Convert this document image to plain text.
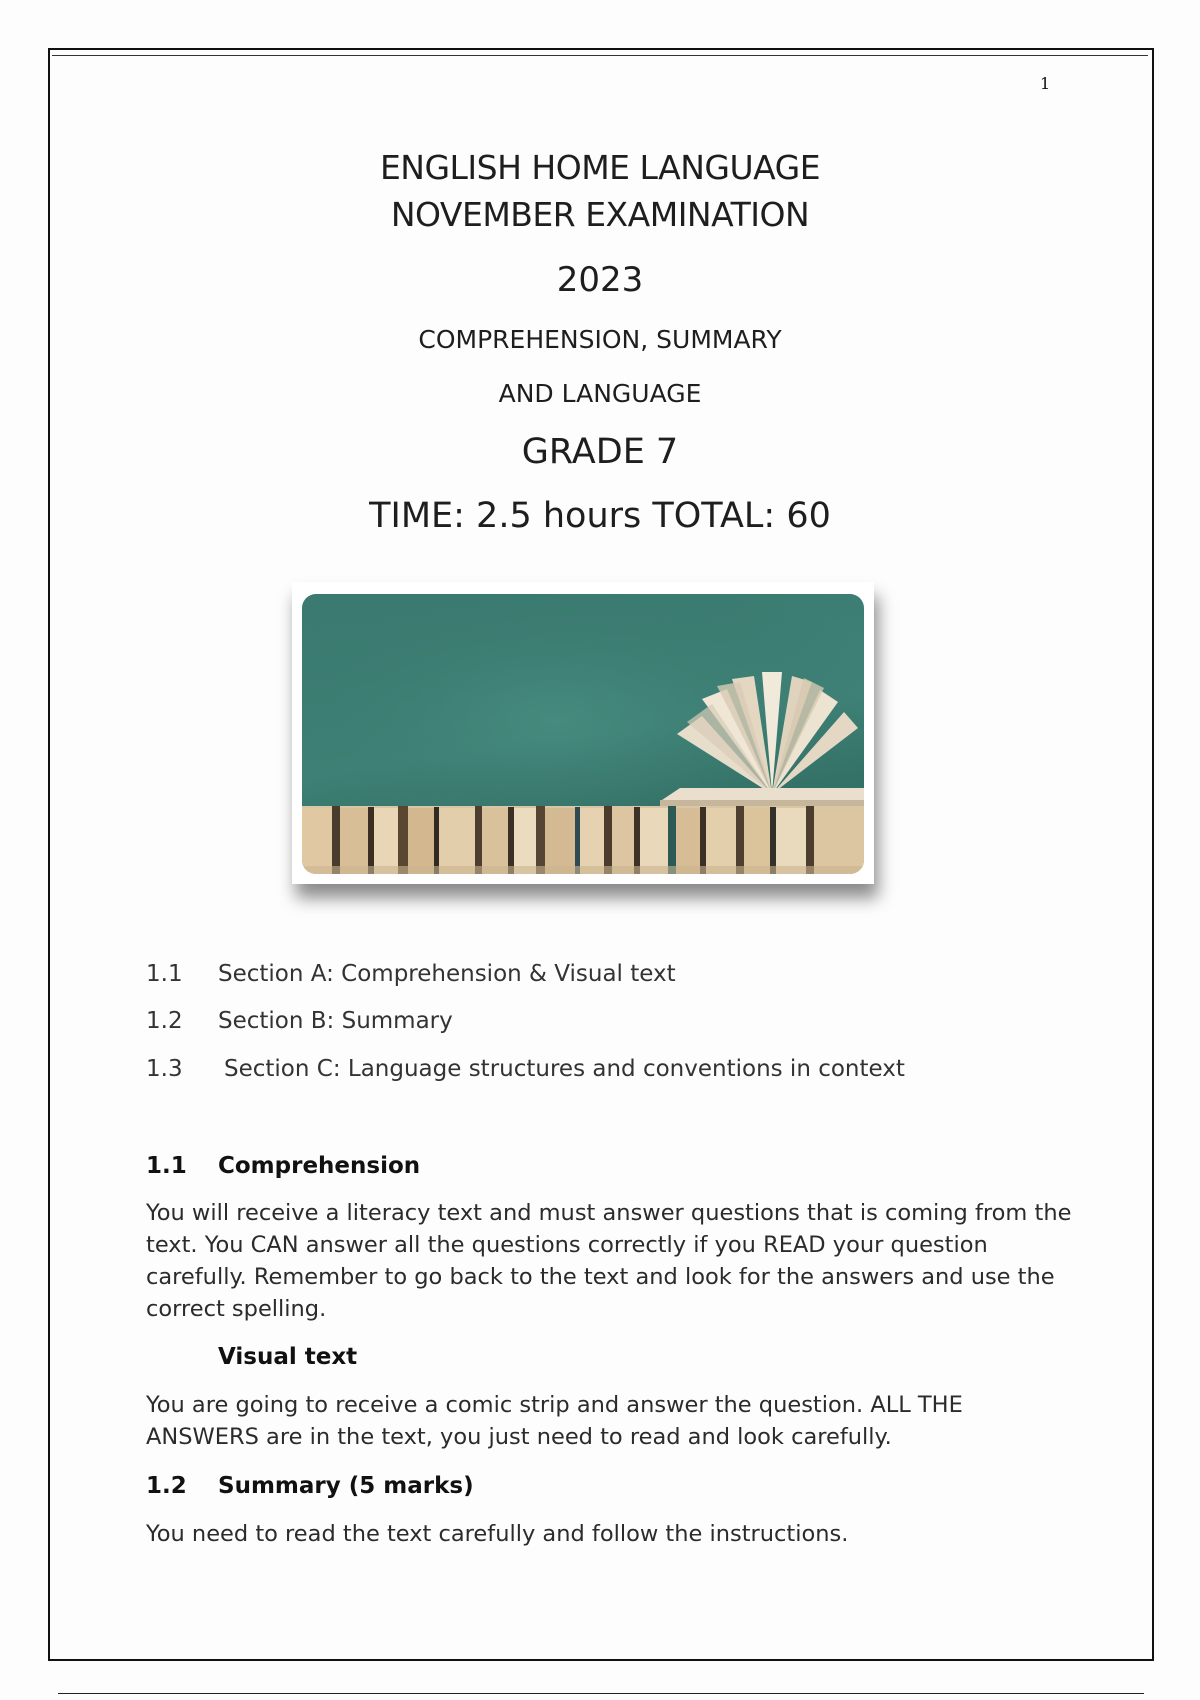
1
ENGLISH HOME LANGUAGE
NOVEMBER EXAMINATION
2023
COMPREHENSION, SUMMARY
AND LANGUAGE
GRADE 7
TIME: 2.5 hours TOTAL: 60
1.1 Section A: Comprehension & Visual text
1.2 Section B: Summary
1.3 Section C: Language structures and conventions in context
1.1 Comprehension

You will receive a literacy text and must answer questions that is coming from the text. You CAN answer all the questions correctly if you READ your question carefully. Remember to go back to the text and look for the answers and use the correct spelling.

Visual text

You are going to receive a comic strip and answer the question. ALL THE ANSWERS are in the text, you just need to read and look carefully.

1.2 Summary (5 marks)

You need to read the text carefully and follow the instructions.
